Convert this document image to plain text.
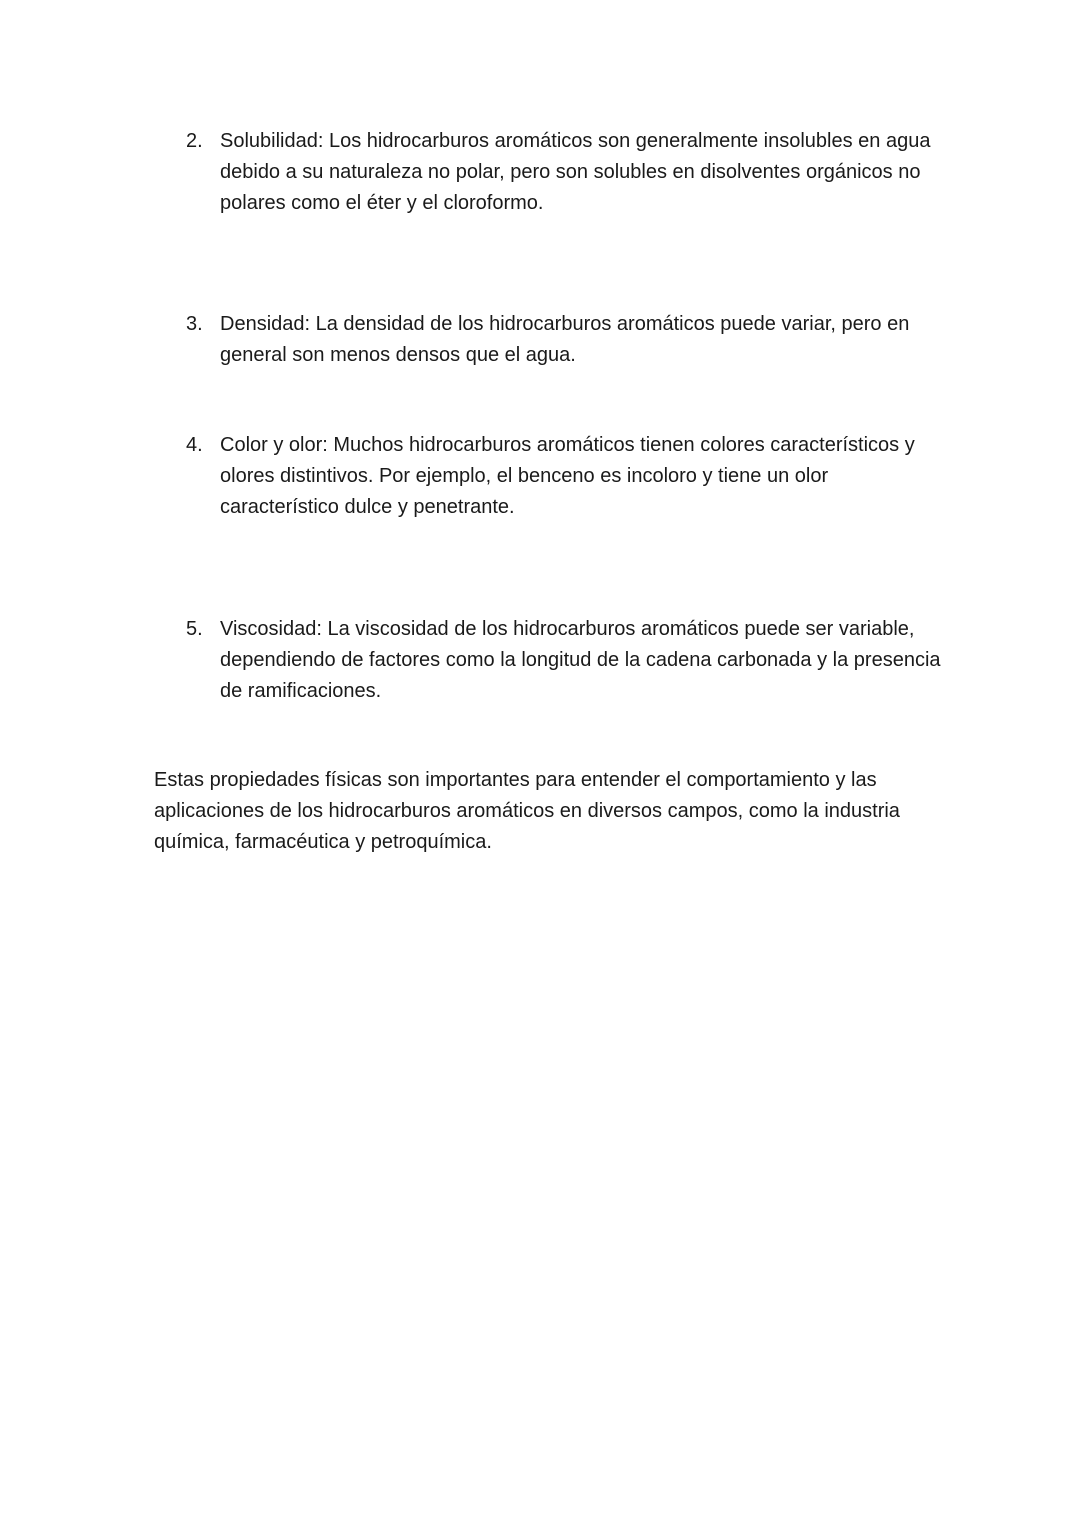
2. Solubilidad: Los hidrocarburos aromáticos son generalmente insolubles en agua debido a su naturaleza no polar, pero son solubles en disolventes orgánicos no polares como el éter y el cloroformo.
3. Densidad: La densidad de los hidrocarburos aromáticos puede variar, pero en general son menos densos que el agua.
4. Color y olor: Muchos hidrocarburos aromáticos tienen colores característicos y olores distintivos. Por ejemplo, el benceno es incoloro y tiene un olor característico dulce y penetrante.
5. Viscosidad: La viscosidad de los hidrocarburos aromáticos puede ser variable, dependiendo de factores como la longitud de la cadena carbonada y la presencia de ramificaciones.

Estas propiedades físicas son importantes para entender el comportamiento y las aplicaciones de los hidrocarburos aromáticos en diversos campos, como la industria química, farmacéutica y petroquímica.
